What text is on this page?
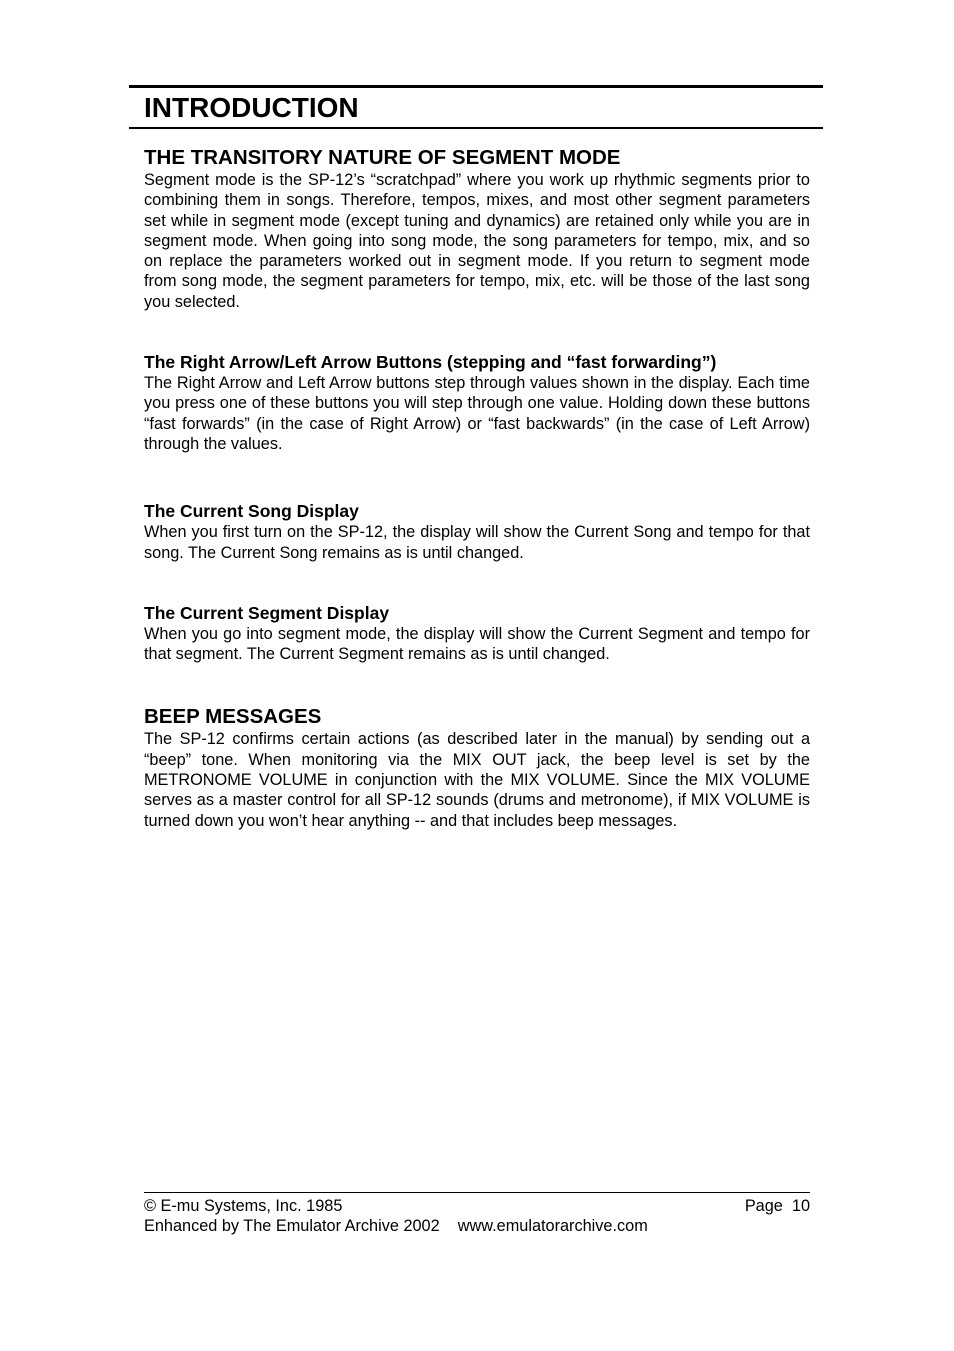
INTRODUCTION
THE TRANSITORY NATURE OF SEGMENT MODE

Segment mode is the SP-12’s “scratchpad” where you work up rhythmic segments prior to combining them in songs. Therefore, tempos, mixes, and most other segment parameters set while in segment mode (except tuning and dynamics) are retained only while you are in segment mode. When going into song mode, the song parameters for tempo, mix, and so on replace the parameters worked out in segment mode. If you return to segment mode from song mode, the segment parameters for tempo, mix, etc. will be those of the last song you selected.

The Right Arrow/Left Arrow Buttons (stepping and “fast forwarding”)

The Right Arrow and Left Arrow buttons step through values shown in the display. Each time you press one of these buttons you will step through one value. Holding down these buttons “fast forwards” (in the case of Right Arrow) or “fast backwards” (in the case of Left Arrow) through the values.

The Current Song Display

When you first turn on the SP-12, the display will show the Current Song and tempo for that song. The Current Song remains as is until changed.

The Current Segment Display

When you go into segment mode, the display will show the Current Segment and tempo for that segment. The Current Segment remains as is until changed.

BEEP MESSAGES

The SP-12 confirms certain actions (as described later in the manual) by sending out a “beep” tone. When monitoring via the MIX OUT jack, the beep level is set by the METRONOME VOLUME in conjunction with the MIX VOLUME. Since the MIX VOLUME serves as a master control for all SP-12 sounds (drums and metronome), if MIX VOLUME is turned down you won’t hear anything -- and that includes beep messages.

© E-mu Systems, Inc. 1985	Page  10
Enhanced by The Emulator Archive 2002    www.emulatorarchive.com
